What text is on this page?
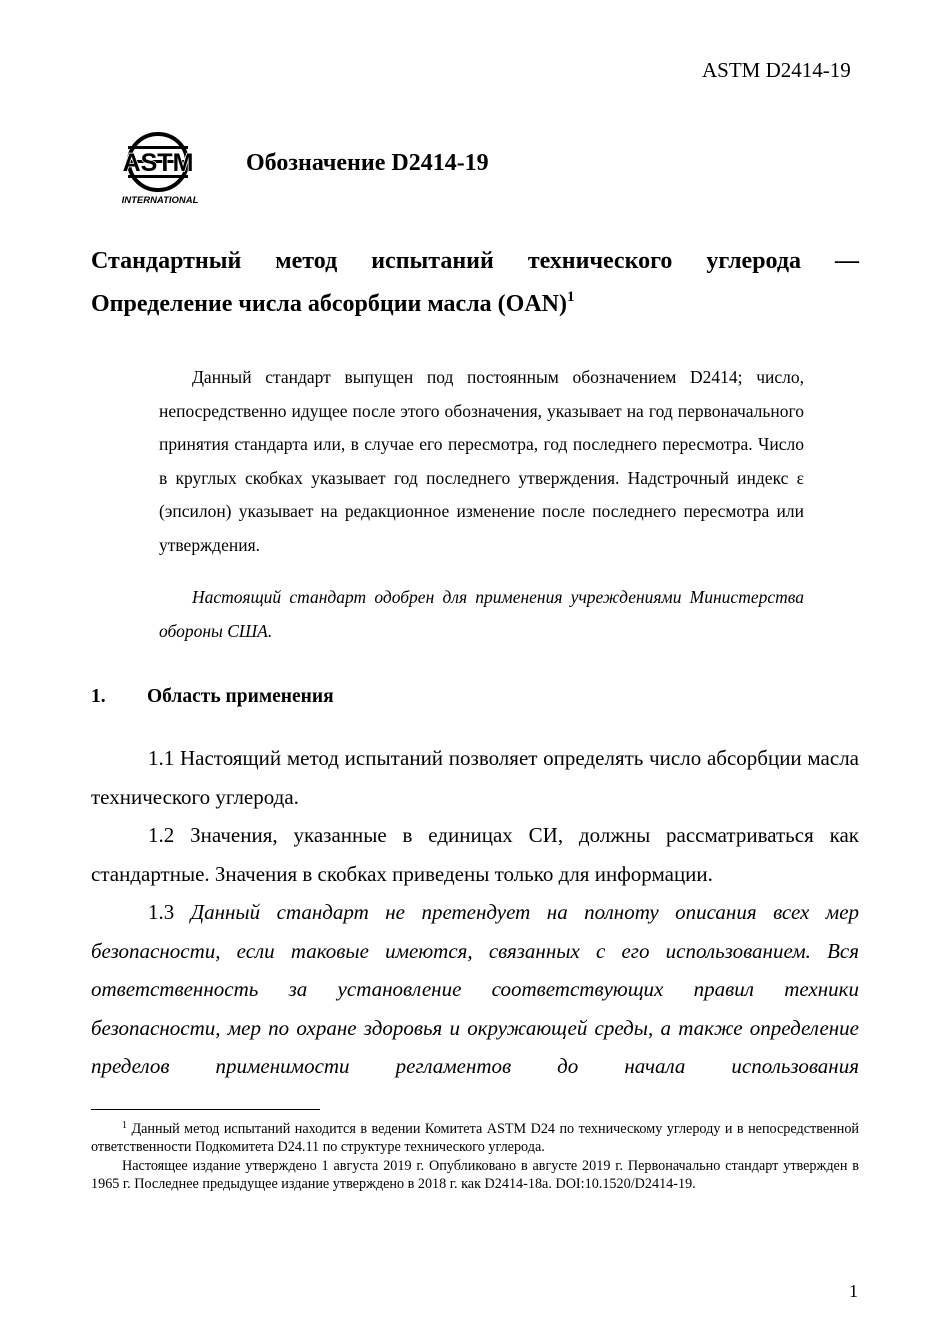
ASTM D2414-19
ASTM
INTERNATIONAL
Обозначение D2414-19
Стандартный метод испытаний технического углерода —
Определение числа абсорбции масла (OAN)$^1$

Данный стандарт выпущен под постоянным обозначением D2414; число, непосредственно идущее после этого обозначения, указывает на год первоначального принятия стандарта или, в случае его пересмотра, год последнего пересмотра. Число в круглых скобках указывает год последнего утверждения. Надстрочный индекс ε (эпсилон) указывает на редакционное изменение после последнего пересмотра или утверждения.

Настоящий стандарт одобрен для применения учреждениями Министерства обороны США.

1. Область применения

1.1 Настоящий метод испытаний позволяет определять число абсорбции масла технического углерода.

1.2 Значения, указанные в единицах СИ, должны рассматриваться как стандартные. Значения в скобках приведены только для информации.

1.3 Данный стандарт не претендует на полноту описания всех мер безопасности, если таковые имеются, связанных с его использованием. Вся ответственность за установление соответствующих правил техники безопасности, мер по охране здоровья и окружающей среды, а также определение пределов применимости регламентов до начала использования

$^1$ Данный метод испытаний находится в ведении Комитета ASTM D24 по техническому углероду и в непосредственной ответственности Подкомитета D24.11 по структуре технического углерода.

Настоящее издание утверждено 1 августа 2019 г. Опубликовано в августе 2019 г. Первоначально стандарт утвержден в 1965 г. Последнее предыдущее издание утверждено в 2018 г. как D2414-18a. DOI:10.1520/D2414-19.

1
